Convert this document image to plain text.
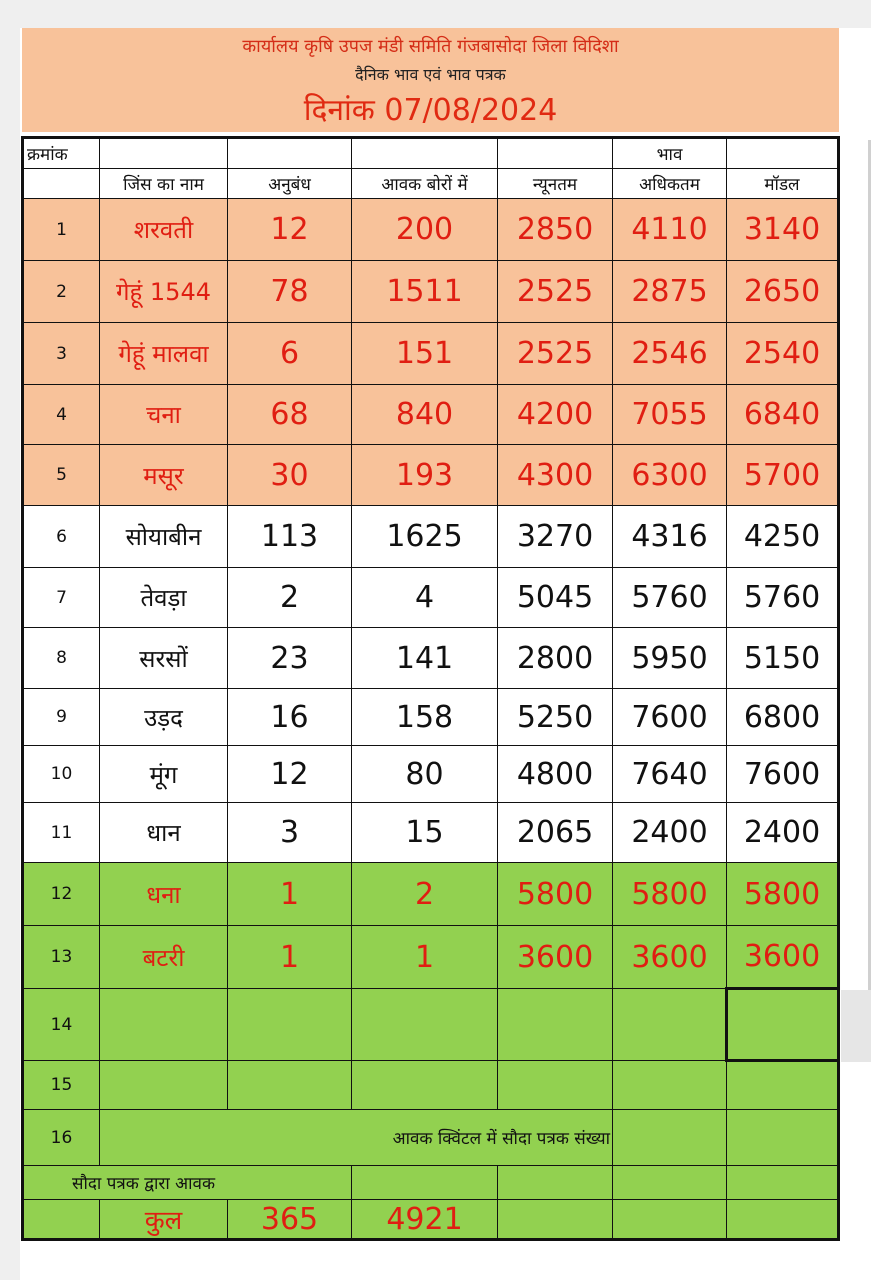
कार्यालय कृषि उपज मंडी समिति गंजबासोदा जिला विदिशा
दैनिक भाव एवं भाव पत्रक
दिनांक 07/08/2024
क्रमांक					भाव	
	जिंस का नाम	अनुबंध	आवक बोरों में	न्यूनतम	अधिकतम	मॉडल
1	शरवती	12	200	2850	4110	3140
2	गेहूं 1544	78	1511	2525	2875	2650
3	गेहूं मालवा	6	151	2525	2546	2540
4	चना	68	840	4200	7055	6840
5	मसूर	30	193	4300	6300	5700
6	सोयाबीन	113	1625	3270	4316	4250
7	तेवड़ा	2	4	5045	5760	5760
8	सरसों	23	141	2800	5950	5150
9	उड़द	16	158	5250	7600	6800
10	मूंग	12	80	4800	7640	7600
11	धान	3	15	2065	2400	2400
12	धना	1	2	5800	5800	5800
13	बटरी	1	1	3600	3600	3600
14						
15						
16	आवक क्विंटल में सौदा पत्रक संख्या					
सौदा पत्रक द्वारा आवक						
	कुल	365	4921			
